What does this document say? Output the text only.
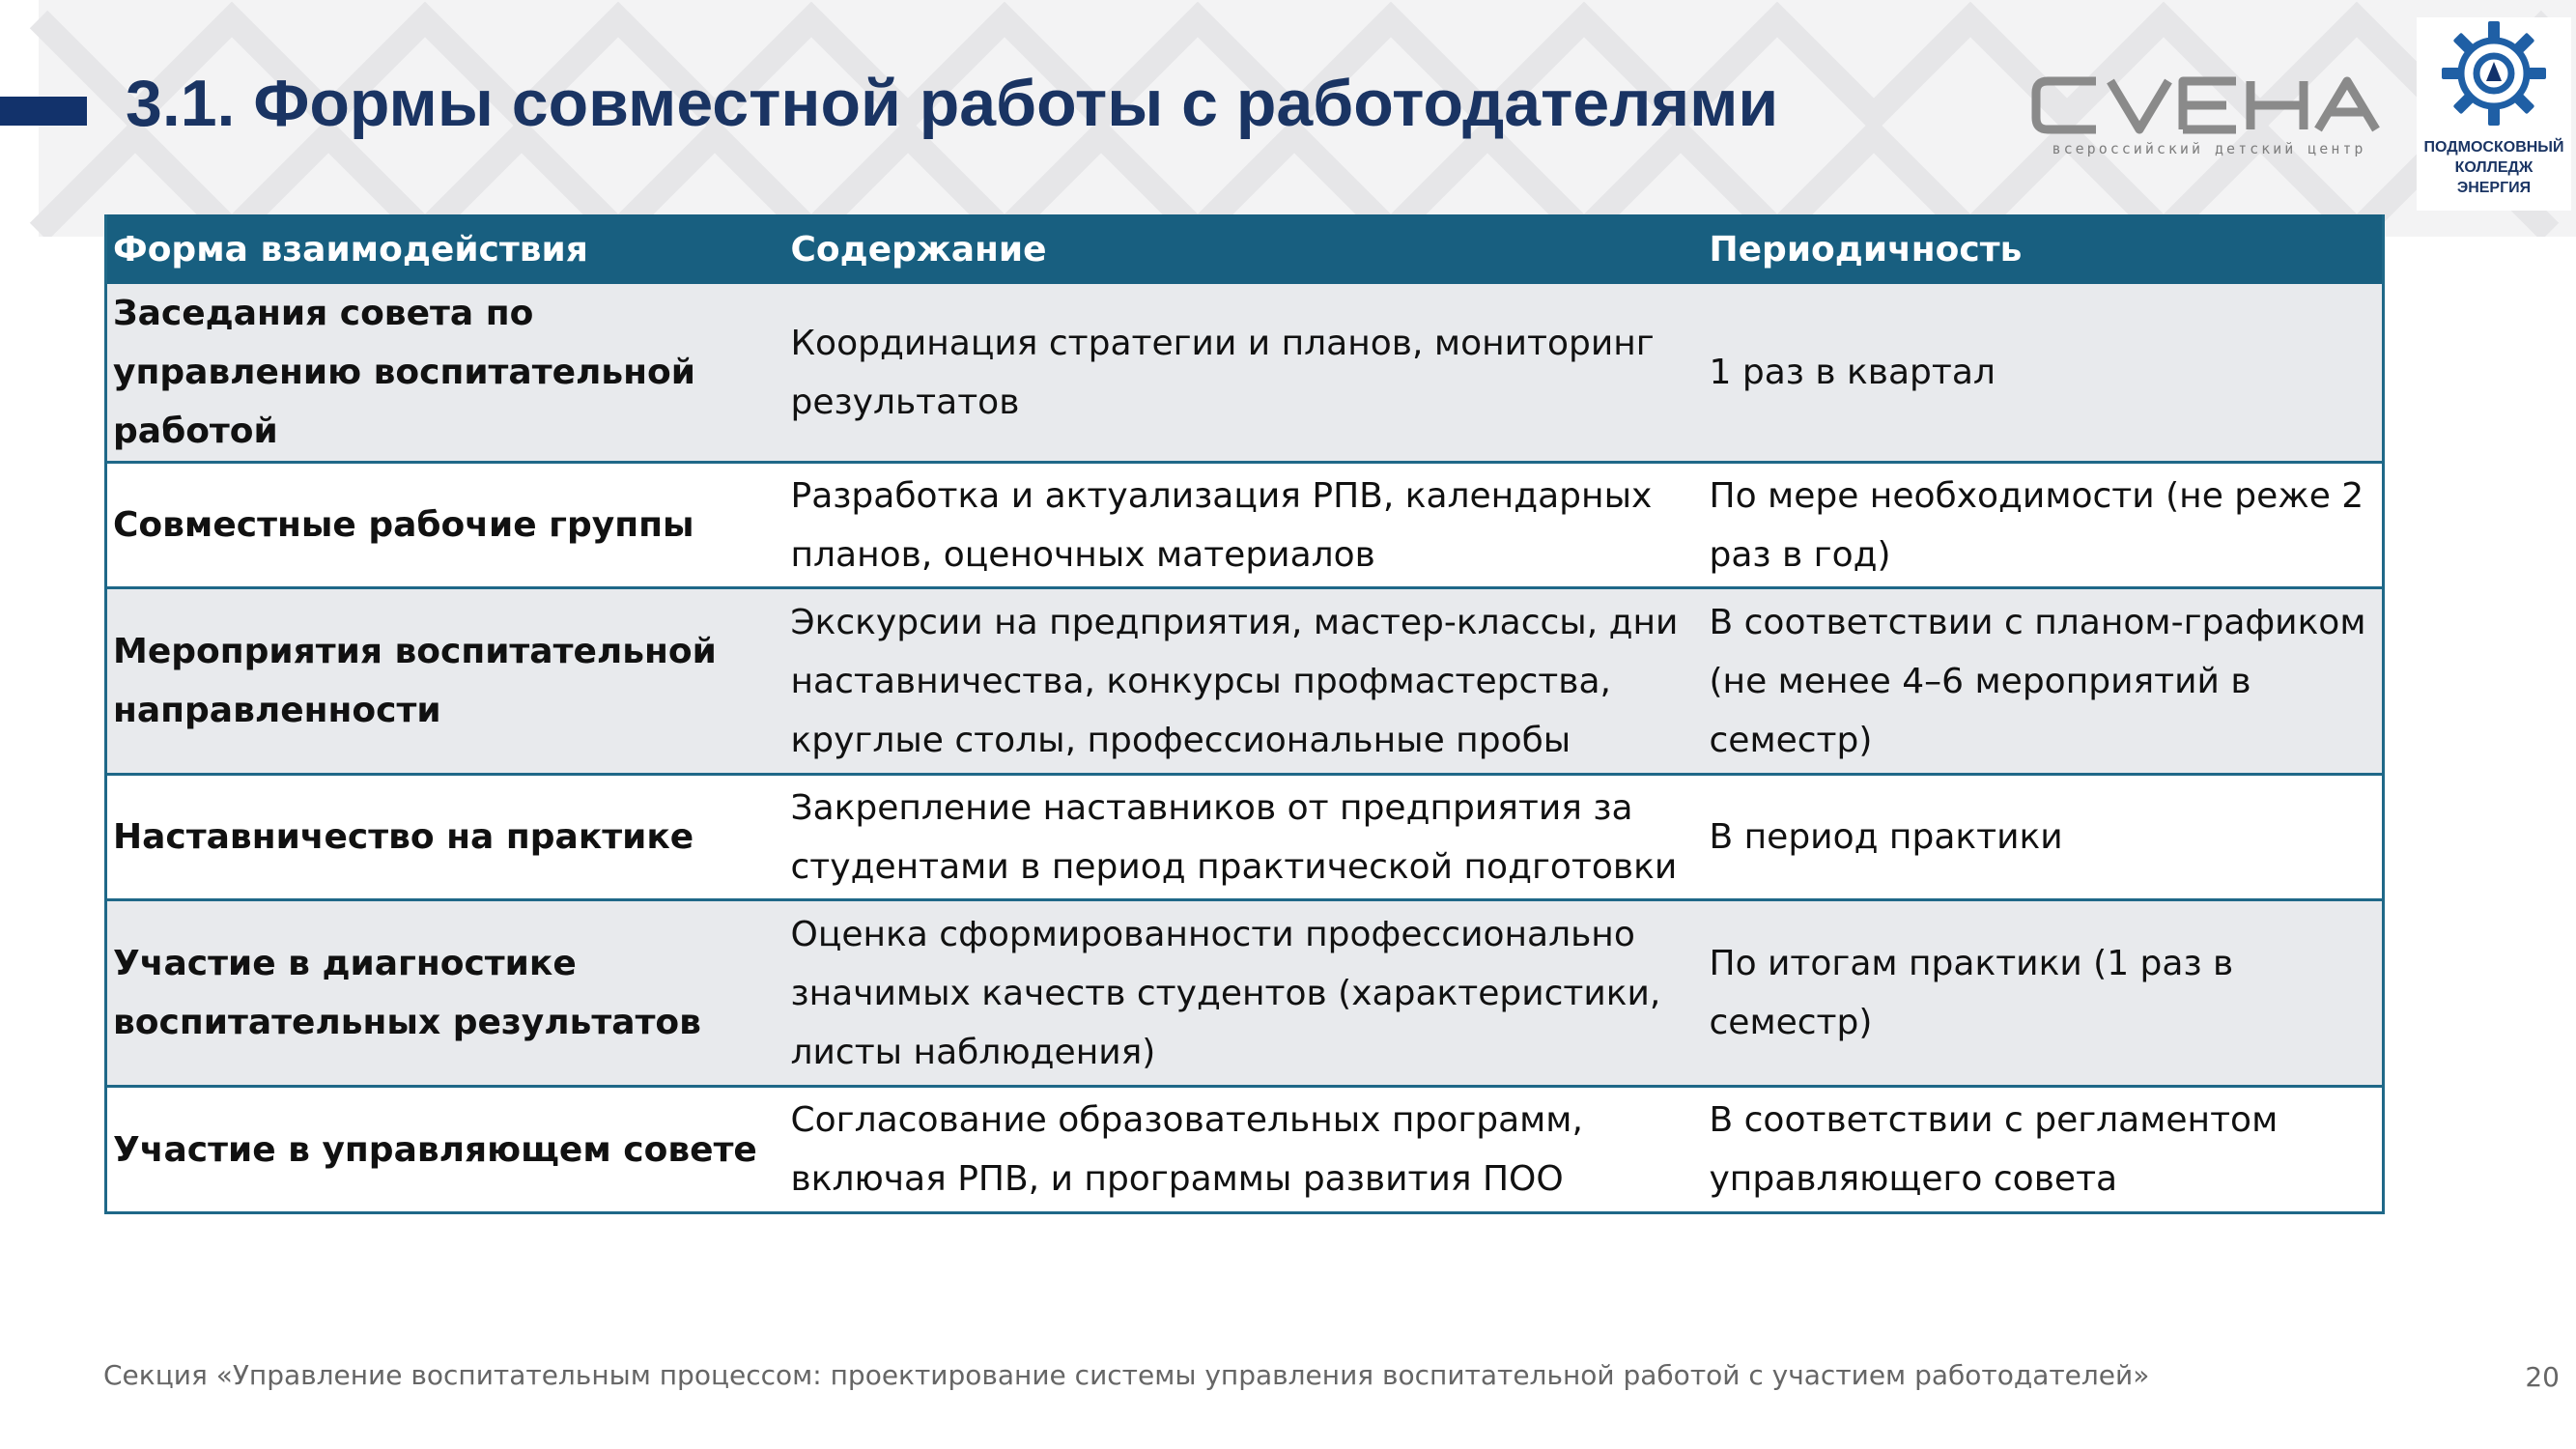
3.1. Формы совместной работы с работодателями
всероссийский детский центр	ПОДМОСКОВНЫЙ
КОЛЛЕДЖ
ЭНЕРГИЯ
Форма взаимодействия	Содержание	Периодичность
Заседания совета по управлению воспитательной работой	Координация стратегии и планов, мониторинг результатов	1 раз в квартал
Совместные рабочие группы	Разработка и актуализация РПВ, календарных планов, оценочных материалов	По мере необходимости (не реже 2 раз в год)
Мероприятия воспитательной направленности	Экскурсии на предприятия, мастер-классы, дни наставничества, конкурсы профмастерства, круглые столы, профессиональные пробы	В соответствии с планом-графиком (не менее 4–6 мероприятий в семестр)
Наставничество на практике	Закрепление наставников от предприятия за студентами в период практической подготовки	В период практики
Участие в диагностике воспитательных результатов	Оценка сформированности профессионально значимых качеств студентов (характеристики, листы наблюдения)	По итогам практики (1 раз в семестр)
Участие в управляющем совете	Согласование образовательных программ, включая РПВ, и программы развития ПОО	В соответствии с регламентом управляющего совета
Секция «Управление воспитательным процессом: проектирование системы управления воспитательной работой с участием работодателей»	20
